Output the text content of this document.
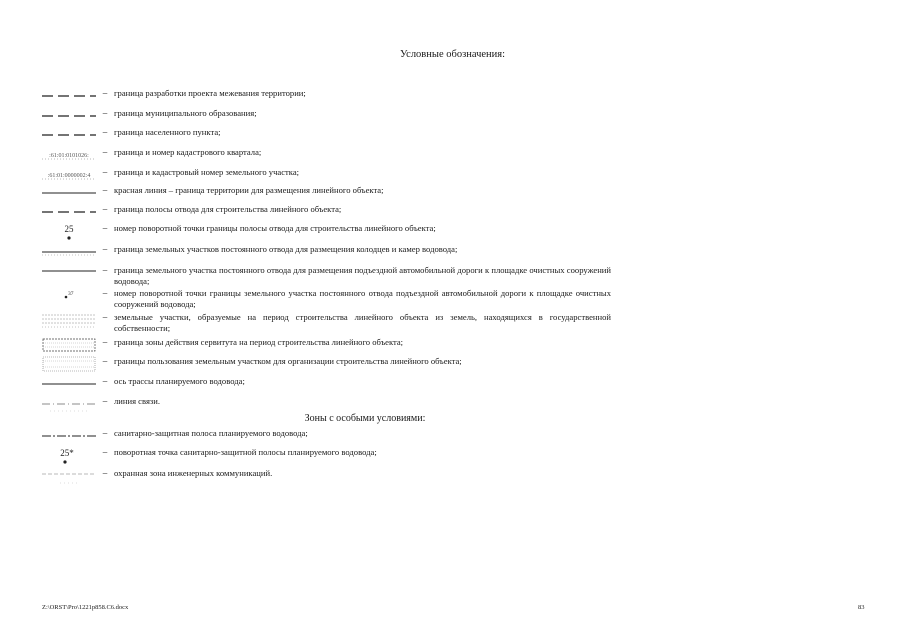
Условные обозначения:
– граница разработки проекта межевания территории;
– граница муниципального образования;
– граница населенного пункта;
:61:01:0101026:	– граница и номер кадастрового квартала;
:61:01:0000002:4	– граница и кадастровый номер земельного участка;
– красная линия – граница территории для размещения линейного объекта;
– граница полосы отвода для строительства линейного объекта;
25	– номер поворотной точки границы полосы отвода для строительства линейного объекта;
– граница земельных участков постоянного отвода для размещения колодцев и камер водовода;
– граница земельного участка постоянного отвода для размещения подъездной автомобильной дороги к площадке очистных сооружений водовода;
37	– номер поворотной точки границы земельного участка постоянного отвода подъездной автомобильной дороги к площадке очистных сооружений водовода;
– земельные участки, образуемые на период строительства линейного объекта из земель, находящихся в государственной собственности;
– граница зоны действия сервитута на период строительства линейного объекта;
– границы пользования земельным участком для организации строительства линейного объекта;
– ось трассы планируемого водовода;
– линия связи.
Зоны с особыми условиями:
– санитарно-защитная полоса планируемого водовода;
25*	– поворотная точка санитарно-защитной полосы планируемого водовода;
– охранная зона инженерных коммуникаций.
Z:\ORST\Pro\1221p858.C6.docx	83
